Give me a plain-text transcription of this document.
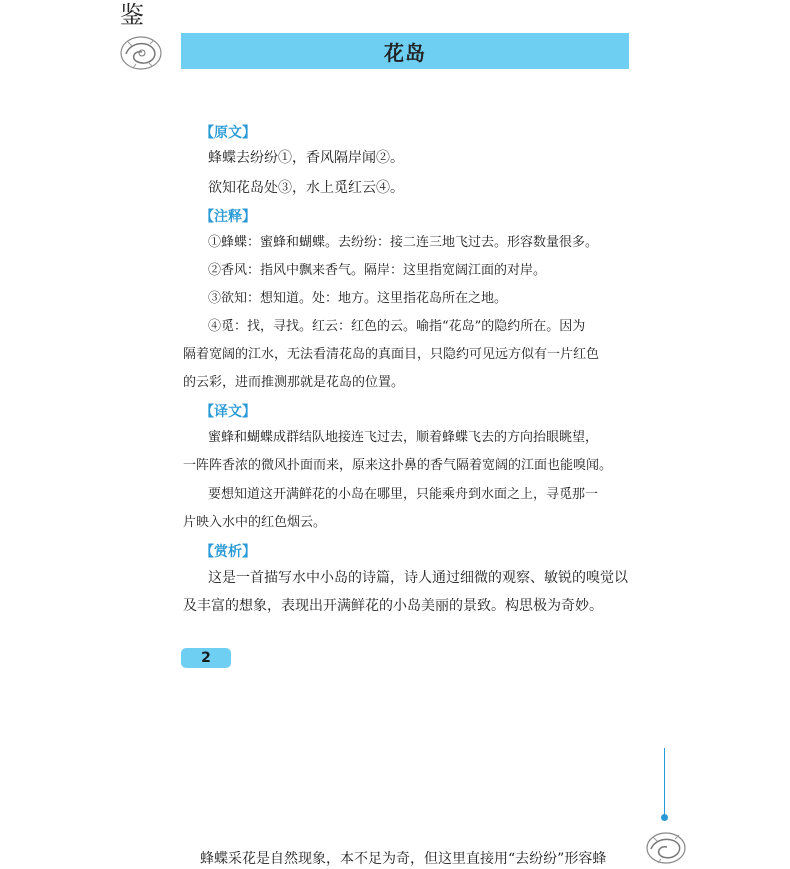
鉴
花岛
【原文】
蜂蝶去纷纷①，香风隔岸闻②。
欲知花岛处③，水上觅红云④。
【注释】
①蜂蝶：蜜蜂和蝴蝶。去纷纷：接二连三地飞过去。形容数量很多。
②香风：指风中飘来香气。隔岸：这里指宽阔江面的对岸。
③欲知：想知道。处：地方。这里指花岛所在之地。
④觅：找，寻找。红云：红色的云。喻指“花岛”的隐约所在。因为
隔着宽阔的江水，无法看清花岛的真面目，只隐约可见远方似有一片红色
的云彩，进而推测那就是花岛的位置。
【译文】
蜜蜂和蝴蝶成群结队地接连飞过去，顺着蜂蝶飞去的方向抬眼眺望，
一阵阵香浓的微风扑面而来，原来这扑鼻的香气隔着宽阔的江面也能嗅闻。
要想知道这开满鲜花的小岛在哪里，只能乘舟到水面之上，寻觅那一
片映入水中的红色烟云。
【赏析】
这是一首描写水中小岛的诗篇，诗人通过细微的观察、敏锐的嗅觉以
及丰富的想象，表现出开满鲜花的小岛美丽的景致。构思极为奇妙。
2
蜂蝶采花是自然现象，本不足为奇，但这里直接用“去纷纷”形容蜂
